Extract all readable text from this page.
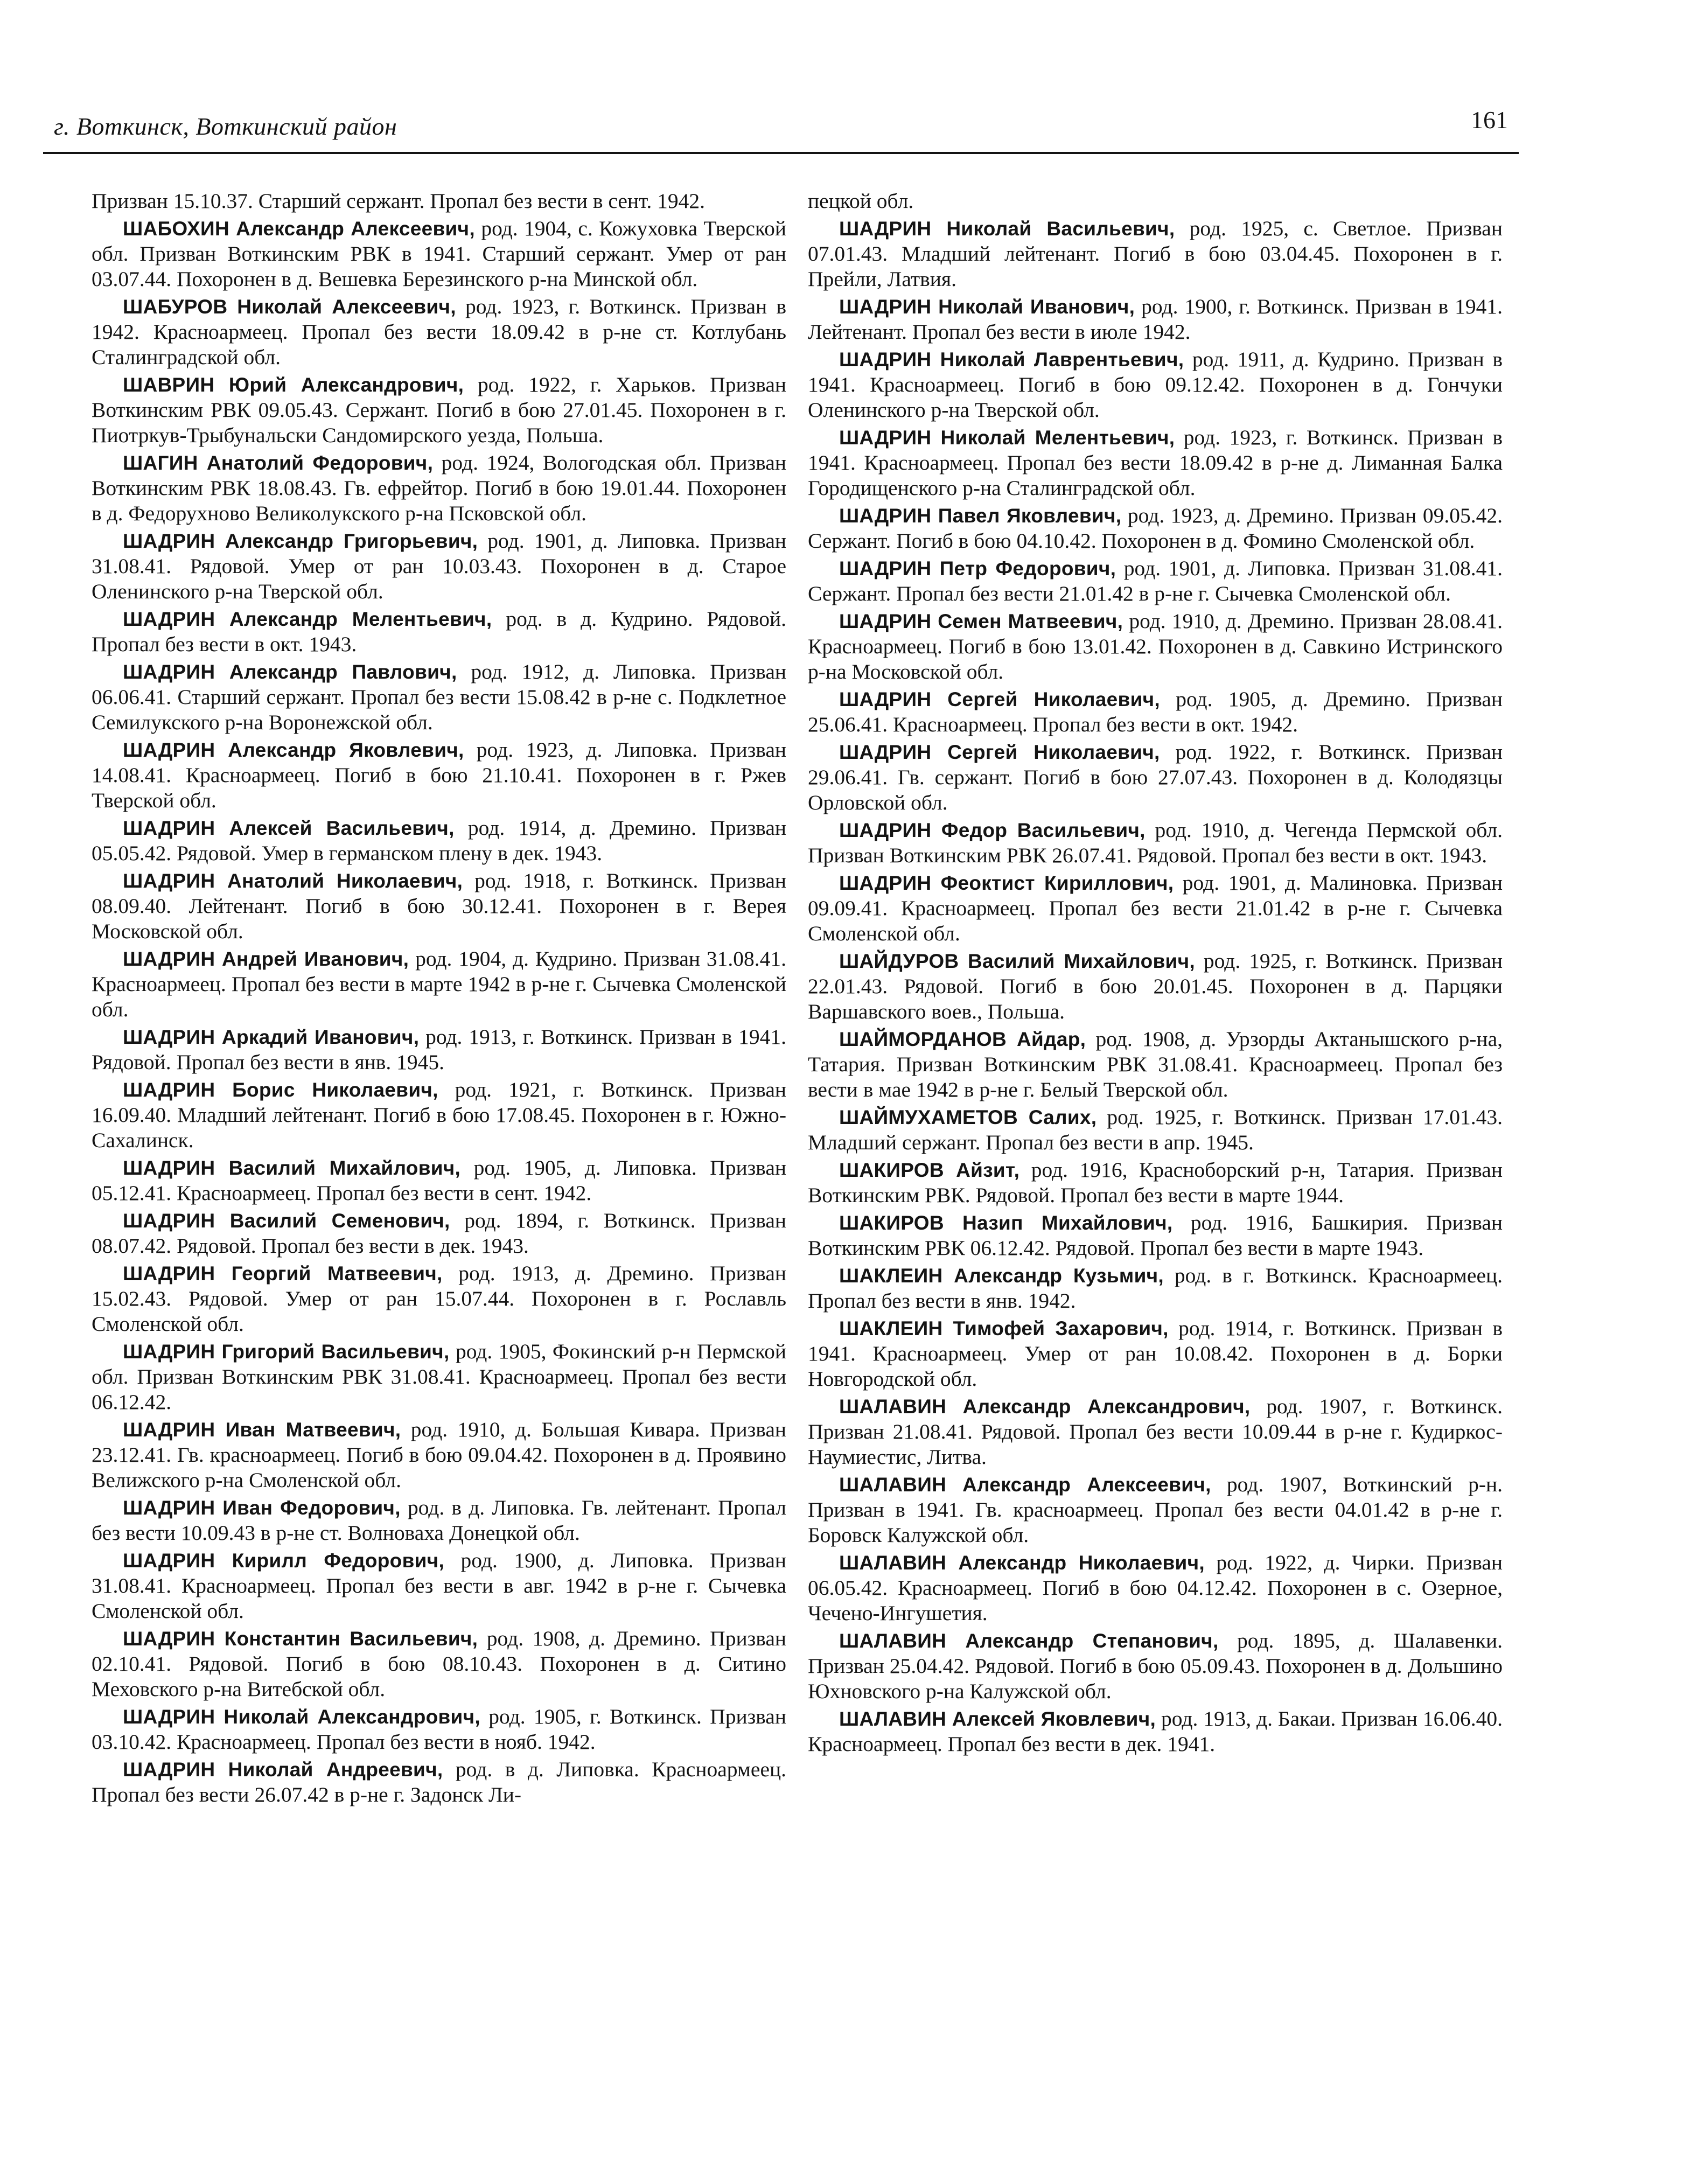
г. Воткинск, Воткинский район	161

Призван 15.10.37. Старший сержант. Пропал без вести в сент. 1942.

ШАБОХИН Александр Алексеевич, род. 1904, с. Кожуховка Тверской обл. Призван Воткинским РВК в 1941. Старший сержант. Умер от ран 03.07.44. Похоронен в д. Вешевка Березинского р-на Минской обл.

ШАБУРОВ Николай Алексеевич, род. 1923, г. Воткинск. Призван в 1942. Красноармеец. Пропал без вести 18.09.42 в р-не ст. Котлубань Сталинградской обл.

ШАВРИН Юрий Александрович, род. 1922, г. Харьков. Призван Воткинским РВК 09.05.43. Сержант. Погиб в бою 27.01.45. Похоронен в г. Пиотркув-Трыбунальски Сандомирского уезда, Польша.

ШАГИН Анатолий Федорович, род. 1924, Вологодская обл. Призван Воткинским РВК 18.08.43. Гв. ефрейтор. Погиб в бою 19.01.44. Похоронен в д. Федорухново Великолукского р-на Псковской обл.

ШАДРИН Александр Григорьевич, род. 1901, д. Липовка. Призван 31.08.41. Рядовой. Умер от ран 10.03.43. Похоронен в д. Старое Оленинского р-на Тверской обл.

ШАДРИН Александр Мелентьевич, род. в д. Кудрино. Рядовой. Пропал без вести в окт. 1943.

ШАДРИН Александр Павлович, род. 1912, д. Липовка. Призван 06.06.41. Старший сержант. Пропал без вести 15.08.42 в р-не с. Подклетное Семилукского р-на Воронежской обл.

ШАДРИН Александр Яковлевич, род. 1923, д. Липовка. Призван 14.08.41. Красноармеец. Погиб в бою 21.10.41. Похоронен в г. Ржев Тверской обл.

ШАДРИН Алексей Васильевич, род. 1914, д. Дремино. Призван 05.05.42. Рядовой. Умер в германском плену в дек. 1943.

ШАДРИН Анатолий Николаевич, род. 1918, г. Воткинск. Призван 08.09.40. Лейтенант. Погиб в бою 30.12.41. Похоронен в г. Верея Московской обл.

ШАДРИН Андрей Иванович, род. 1904, д. Кудрино. Призван 31.08.41. Красноармеец. Пропал без вести в марте 1942 в р-не г. Сычевка Смоленской обл.

ШАДРИН Аркадий Иванович, род. 1913, г. Воткинск. Призван в 1941. Рядовой. Пропал без вести в янв. 1945.

ШАДРИН Борис Николаевич, род. 1921, г. Воткинск. Призван 16.09.40. Младший лейтенант. Погиб в бою 17.08.45. Похоронен в г. Южно-Сахалинск.

ШАДРИН Василий Михайлович, род. 1905, д. Липовка. Призван 05.12.41. Красноармеец. Пропал без вести в сент. 1942.

ШАДРИН Василий Семенович, род. 1894, г. Воткинск. Призван 08.07.42. Рядовой. Пропал без вести в дек. 1943.

ШАДРИН Георгий Матвеевич, род. 1913, д. Дремино. Призван 15.02.43. Рядовой. Умер от ран 15.07.44. Похоронен в г. Рославль Смоленской обл.

ШАДРИН Григорий Васильевич, род. 1905, Фокинский р-н Пермской обл. Призван Воткинским РВК 31.08.41. Красноармеец. Пропал без вести 06.12.42.

ШАДРИН Иван Матвеевич, род. 1910, д. Большая Кивара. Призван 23.12.41. Гв. красноармеец. Погиб в бою 09.04.42. Похоронен в д. Проявино Велижского р-на Смоленской обл.

ШАДРИН Иван Федорович, род. в д. Липовка. Гв. лейтенант. Пропал без вести 10.09.43 в р-не ст. Волноваха Донецкой обл.

ШАДРИН Кирилл Федорович, род. 1900, д. Липовка. Призван 31.08.41. Красноармеец. Пропал без вести в авг. 1942 в р-не г. Сычевка Смоленской обл.

ШАДРИН Константин Васильевич, род. 1908, д. Дремино. Призван 02.10.41. Рядовой. Погиб в бою 08.10.43. Похоронен в д. Ситино Меховского р-на Витебской обл.

ШАДРИН Николай Александрович, род. 1905, г. Воткинск. Призван 03.10.42. Красноармеец. Пропал без вести в нояб. 1942.

ШАДРИН Николай Андреевич, род. в д. Липовка. Красноармеец. Пропал без вести 26.07.42 в р-не г. Задонск Ли-

пецкой обл.

ШАДРИН Николай Васильевич, род. 1925, с. Светлое. Призван 07.01.43. Младший лейтенант. Погиб в бою 03.04.45. Похоронен в г. Прейли, Латвия.

ШАДРИН Николай Иванович, род. 1900, г. Воткинск. Призван в 1941. Лейтенант. Пропал без вести в июле 1942.

ШАДРИН Николай Лаврентьевич, род. 1911, д. Кудрино. Призван в 1941. Красноармеец. Погиб в бою 09.12.42. Похоронен в д. Гончуки Оленинского р-на Тверской обл.

ШАДРИН Николай Мелентьевич, род. 1923, г. Воткинск. Призван в 1941. Красноармеец. Пропал без вести 18.09.42 в р-не д. Лиманная Балка Городищенского р-на Сталинградской обл.

ШАДРИН Павел Яковлевич, род. 1923, д. Дремино. Призван 09.05.42. Сержант. Погиб в бою 04.10.42. Похоронен в д. Фомино Смоленской обл.

ШАДРИН Петр Федорович, род. 1901, д. Липовка. Призван 31.08.41. Сержант. Пропал без вести 21.01.42 в р-не г. Сычевка Смоленской обл.

ШАДРИН Семен Матвеевич, род. 1910, д. Дремино. Призван 28.08.41. Красноармеец. Погиб в бою 13.01.42. Похоронен в д. Савкино Истринского р-на Московской обл.

ШАДРИН Сергей Николаевич, род. 1905, д. Дремино. Призван 25.06.41. Красноармеец. Пропал без вести в окт. 1942.

ШАДРИН Сергей Николаевич, род. 1922, г. Воткинск. Призван 29.06.41. Гв. сержант. Погиб в бою 27.07.43. Похоронен в д. Колодязцы Орловской обл.

ШАДРИН Федор Васильевич, род. 1910, д. Чегенда Пермской обл. Призван Воткинским РВК 26.07.41. Рядовой. Пропал без вести в окт. 1943.

ШАДРИН Феоктист Кириллович, род. 1901, д. Малиновка. Призван 09.09.41. Красноармеец. Пропал без вести 21.01.42 в р-не г. Сычевка Смоленской обл.

ШАЙДУРОВ Василий Михайлович, род. 1925, г. Воткинск. Призван 22.01.43. Рядовой. Погиб в бою 20.01.45. Похоронен в д. Парцяки Варшавского воев., Польша.

ШАЙМОРДАНОВ Айдар, род. 1908, д. Урзорды Актанышского р-на, Татария. Призван Воткинским РВК 31.08.41. Красноармеец. Пропал без вести в мае 1942 в р-не г. Белый Тверской обл.

ШАЙМУХАМЕТОВ Салих, род. 1925, г. Воткинск. Призван 17.01.43. Младший сержант. Пропал без вести в апр. 1945.

ШАКИРОВ Айзит, род. 1916, Красноборский р-н, Татария. Призван Воткинским РВК. Рядовой. Пропал без вести в марте 1944.

ШАКИРОВ Назип Михайлович, род. 1916, Башкирия. Призван Воткинским РВК 06.12.42. Рядовой. Пропал без вести в марте 1943.

ШАКЛЕИН Александр Кузьмич, род. в г. Воткинск. Красноармеец. Пропал без вести в янв. 1942.

ШАКЛЕИН Тимофей Захарович, род. 1914, г. Воткинск. Призван в 1941. Красноармеец. Умер от ран 10.08.42. Похоронен в д. Борки Новгородской обл.

ШАЛАВИН Александр Александрович, род. 1907, г. Воткинск. Призван 21.08.41. Рядовой. Пропал без вести 10.09.44 в р-не г. Кудиркос-Наумиестис, Литва.

ШАЛАВИН Александр Алексеевич, род. 1907, Воткинский р-н. Призван в 1941. Гв. красноармеец. Пропал без вести 04.01.42 в р-не г. Боровск Калужской обл.

ШАЛАВИН Александр Николаевич, род. 1922, д. Чирки. Призван 06.05.42. Красноармеец. Погиб в бою 04.12.42. Похоронен в с. Озерное, Чечено-Ингушетия.

ШАЛАВИН Александр Степанович, род. 1895, д. Шалавенки. Призван 25.04.42. Рядовой. Погиб в бою 05.09.43. Похоронен в д. Дольшино Юхновского р-на Калужской обл.

ШАЛАВИН Алексей Яковлевич, род. 1913, д. Бакаи. Призван 16.06.40. Красноармеец. Пропал без вести в дек. 1941.
